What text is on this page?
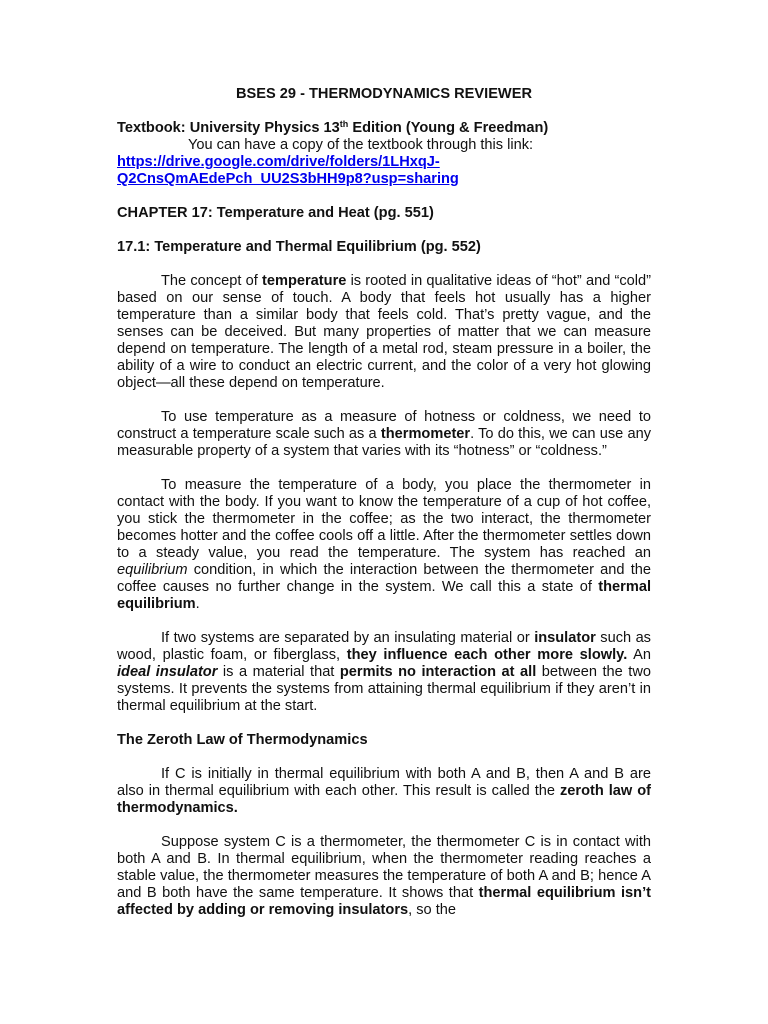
BSES 29 - THERMODYNAMICS REVIEWER

Textbook: University Physics 13th Edition (Young & Freedman)

You can have a copy of the textbook through this link:

https://drive.google.com/drive/folders/1LHxqJ-
Q2CnsQmAEdePch_UU2S3bHH9p8?usp=sharing

CHAPTER 17: Temperature and Heat (pg. 551)

17.1: Temperature and Thermal Equilibrium (pg. 552)

The concept of temperature is rooted in qualitative ideas of “hot” and “cold” based on our sense of touch. A body that feels hot usually has a higher temperature than a similar body that feels cold. That’s pretty vague, and the senses can be deceived. But many properties of matter that we can measure depend on temperature. The length of a metal rod, steam pressure in a boiler, the ability of a wire to conduct an electric current, and the color of a very hot glowing object—all these depend on temperature.

To use temperature as a measure of hotness or coldness, we need to construct a temperature scale such as a thermometer. To do this, we can use any measurable property of a system that varies with its “hotness” or “coldness.”

To measure the temperature of a body, you place the thermometer in contact with the body. If you want to know the temperature of a cup of hot coffee, you stick the thermometer in the coffee; as the two interact, the thermometer becomes hotter and the coffee cools off a little. After the thermometer settles down to a steady value, you read the temperature. The system has reached an equilibrium condition, in which the interaction between the thermometer and the coffee causes no further change in the system. We call this a state of thermal equilibrium.

If two systems are separated by an insulating material or insulator such as wood, plastic foam, or fiberglass, they influence each other more slowly. An ideal insulator is a material that permits no interaction at all between the two systems. It prevents the systems from attaining thermal equilibrium if they aren’t in thermal equilibrium at the start.

The Zeroth Law of Thermodynamics

If C is initially in thermal equilibrium with both A and B, then A and B are also in thermal equilibrium with each other. This result is called the zeroth law of thermodynamics.

Suppose system C is a thermometer, the thermometer C is in contact with both A and B. In thermal equilibrium, when the thermometer reading reaches a stable value, the thermometer measures the temperature of both A and B; hence A and B both have the same temperature. It shows that thermal equilibrium isn’t affected by adding or removing insulators, so the
